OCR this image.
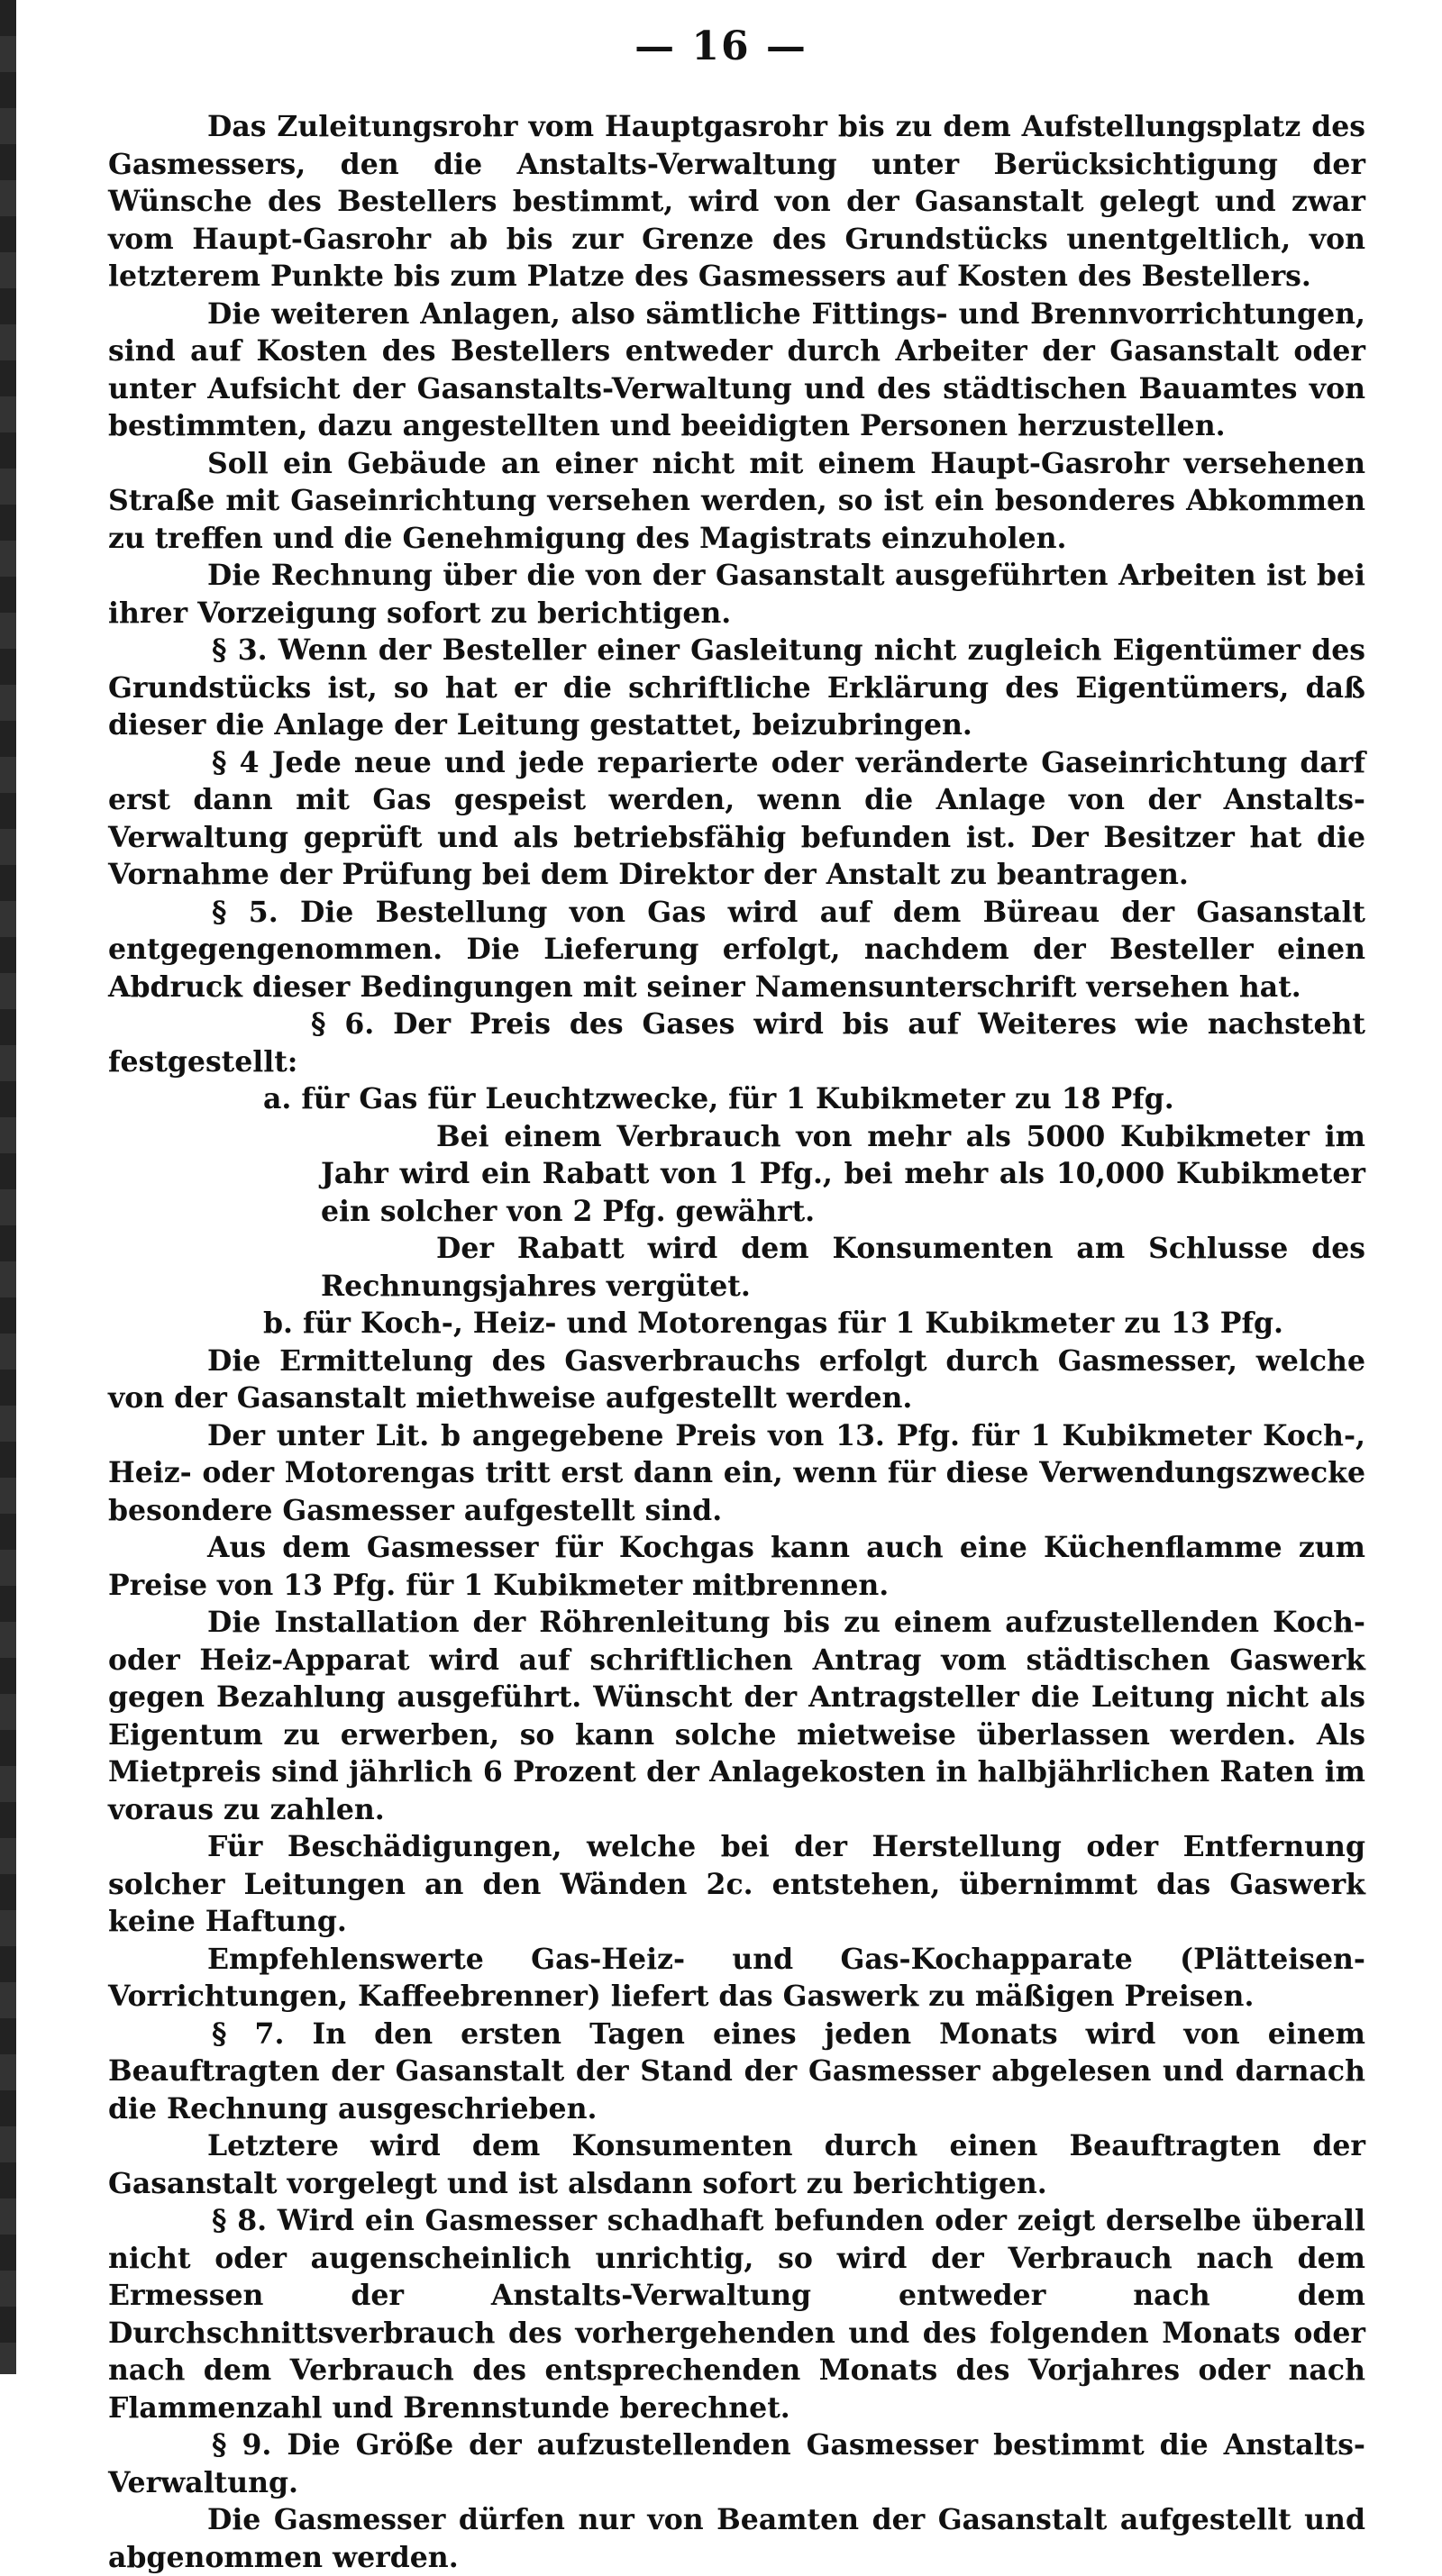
— 16 —

Das Zuleitungsrohr vom Hauptgasrohr bis zu dem Aufstellungsplatz des Gasmessers, den die Anstalts-Verwaltung unter Berücksichtigung der Wünsche des Bestellers bestimmt, wird von der Gasanstalt gelegt und zwar vom Haupt-Gasrohr ab bis zur Grenze des Grundstücks unentgeltlich, von letzterem Punkte bis zum Platze des Gasmessers auf Kosten des Bestellers.

Die weiteren Anlagen, also sämtliche Fittings- und Brennvorrichtungen, sind auf Kosten des Bestellers entweder durch Arbeiter der Gasanstalt oder unter Aufsicht der Gasanstalts-Verwaltung und des städtischen Bauamtes von bestimmten, dazu angestellten und beeidigten Personen herzustellen.

Soll ein Gebäude an einer nicht mit einem Haupt-Gasrohr versehenen Straße mit Gaseinrichtung versehen werden, so ist ein besonderes Abkommen zu treffen und die Genehmigung des Magistrats einzuholen.

Die Rechnung über die von der Gasanstalt ausgeführten Arbeiten ist bei ihrer Vorzeigung sofort zu berichtigen.

§ 3. Wenn der Besteller einer Gasleitung nicht zugleich Eigentümer des Grundstücks ist, so hat er die schriftliche Erklärung des Eigentümers, daß dieser die Anlage der Leitung gestattet, beizubringen.

§ 4 Jede neue und jede reparierte oder veränderte Gaseinrichtung darf erst dann mit Gas gespeist werden, wenn die Anlage von der Anstalts-Verwaltung geprüft und als betriebsfähig befunden ist. Der Besitzer hat die Vornahme der Prüfung bei dem Direktor der Anstalt zu beantragen.

§ 5. Die Bestellung von Gas wird auf dem Büreau der Gasanstalt entgegengenommen. Die Lieferung erfolgt, nachdem der Besteller einen Abdruck dieser Bedingungen mit seiner Namensunterschrift versehen hat.

§ 6. Der Preis des Gases wird bis auf Weiteres wie nachsteht festgestellt:

a. für Gas für Leuchtzwecke, für 1 Kubikmeter zu 18 Pfg.

Bei einem Verbrauch von mehr als 5000 Kubikmeter im Jahr wird ein Rabatt von 1 Pfg., bei mehr als 10,000 Kubikmeter ein solcher von 2 Pfg. gewährt.

Der Rabatt wird dem Konsumenten am Schlusse des Rechnungsjahres vergütet.

b. für Koch-, Heiz- und Motorengas für 1 Kubikmeter zu 13 Pfg.

Die Ermittelung des Gasverbrauchs erfolgt durch Gasmesser, welche von der Gasanstalt miethweise aufgestellt werden.

Der unter Lit. b angegebene Preis von 13. Pfg. für 1 Kubikmeter Koch-, Heiz- oder Motorengas tritt erst dann ein, wenn für diese Verwendungszwecke besondere Gasmesser aufgestellt sind.

Aus dem Gasmesser für Kochgas kann auch eine Küchenflamme zum Preise von 13 Pfg. für 1 Kubikmeter mitbrennen.

Die Installation der Röhrenleitung bis zu einem aufzustellenden Koch- oder Heiz-Apparat wird auf schriftlichen Antrag vom städtischen Gaswerk gegen Bezahlung ausgeführt. Wünscht der Antragsteller die Leitung nicht als Eigentum zu erwerben, so kann solche mietweise überlassen werden. Als Mietpreis sind jährlich 6 Prozent der Anlagekosten in halbjährlichen Raten im voraus zu zahlen.

Für Beschädigungen, welche bei der Herstellung oder Entfernung solcher Leitungen an den Wänden 2c. entstehen, übernimmt das Gaswerk keine Haftung.

Empfehlenswerte Gas-Heiz- und Gas-Kochapparate (Plätteisen-Vorrichtungen, Kaffeebrenner) liefert das Gaswerk zu mäßigen Preisen.

§ 7. In den ersten Tagen eines jeden Monats wird von einem Beauftragten der Gasanstalt der Stand der Gasmesser abgelesen und darnach die Rechnung ausgeschrieben.

Letztere wird dem Konsumenten durch einen Beauftragten der Gasanstalt vorgelegt und ist alsdann sofort zu berichtigen.

§ 8. Wird ein Gasmesser schadhaft befunden oder zeigt derselbe überall nicht oder augenscheinlich unrichtig, so wird der Verbrauch nach dem Ermessen der Anstalts-Verwaltung entweder nach dem Durchschnittsverbrauch des vorhergehenden und des folgenden Monats oder nach dem Verbrauch des entsprechenden Monats des Vorjahres oder nach Flammenzahl und Brennstunde berechnet.

§ 9. Die Größe der aufzustellenden Gasmesser bestimmt die Anstalts-Verwaltung.

Die Gasmesser dürfen nur von Beamten der Gasanstalt aufgestellt und abgenommen werden.
